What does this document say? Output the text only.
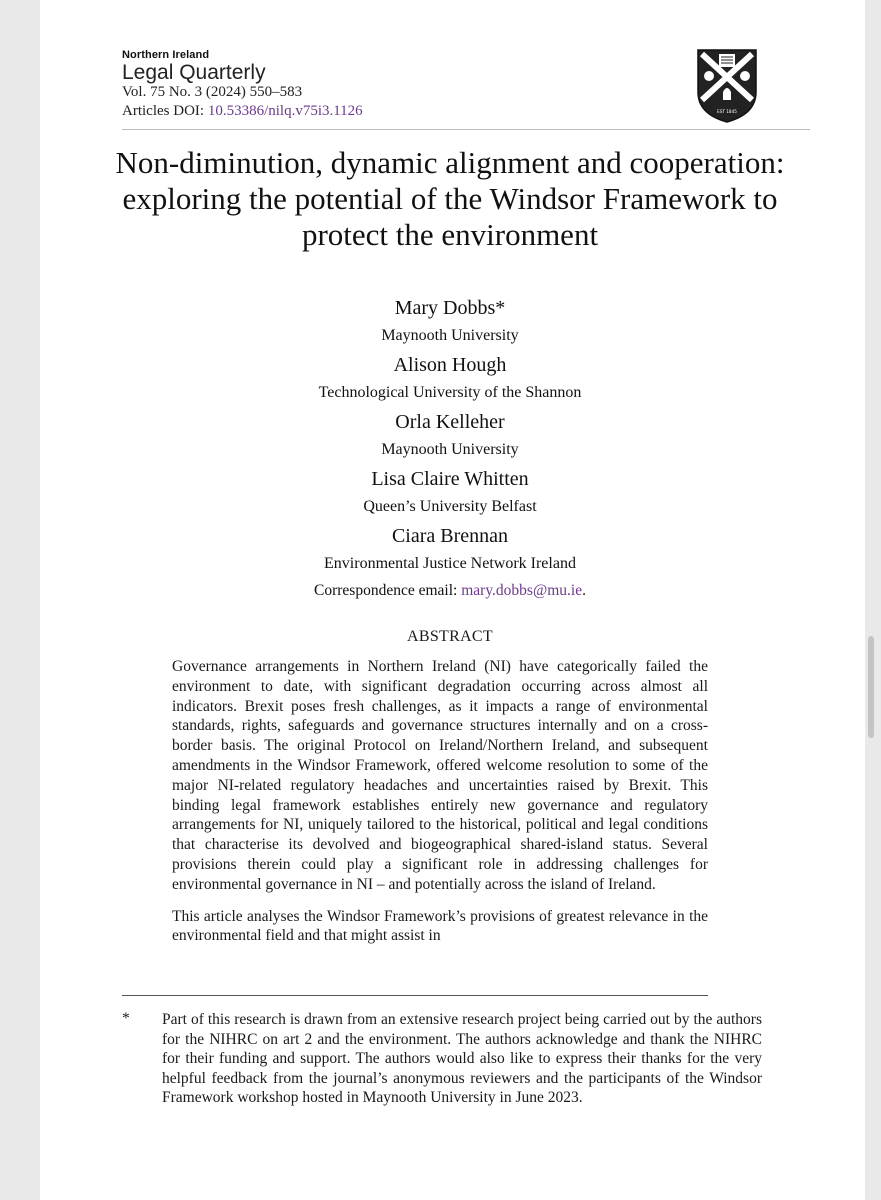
Northern Ireland
Legal Quarterly
Vol. 75 No. 3 (2024) 550–583
Articles DOI: 10.53386/nilq.v75i3.1126	EST 1845
Non-diminution, dynamic alignment and cooperation: exploring the potential of the Windsor Framework to protect the environment
Mary Dobbs*
Maynooth University
Alison Hough
Technological University of the Shannon
Orla Kelleher
Maynooth University
Lisa Claire Whitten
Queen’s University Belfast
Ciara Brennan
Environmental Justice Network Ireland
Correspondence email: mary.dobbs@mu.ie.
ABSTRACT

Governance arrangements in Northern Ireland (NI) have categorically failed the environment to date, with significant degradation occurring across almost all indicators. Brexit poses fresh challenges, as it impacts a range of environmental standards, rights, safeguards and governance structures internally and on a cross-border basis. The original Protocol on Ireland/Northern Ireland, and subsequent amendments in the Windsor Framework, offered welcome resolution to some of the major NI-related regulatory headaches and uncertainties raised by Brexit. This binding legal framework establishes entirely new governance and regulatory arrangements for NI, uniquely tailored to the historical, political and legal conditions that characterise its devolved and biogeographical shared-island status. Several provisions therein could play a significant role in addressing challenges for environmental governance in NI – and potentially across the island of Ireland.

This article analyses the Windsor Framework’s provisions of greatest relevance in the environmental field and that might assist in

* Part of this research is drawn from an extensive research project being carried out by the authors for the NIHRC on art 2 and the environment. The authors acknowledge and thank the NIHRC for their funding and support. The authors would also like to express their thanks for the very helpful feedback from the journal’s anonymous reviewers and the participants of the Windsor Framework workshop hosted in Maynooth University in June 2023.
